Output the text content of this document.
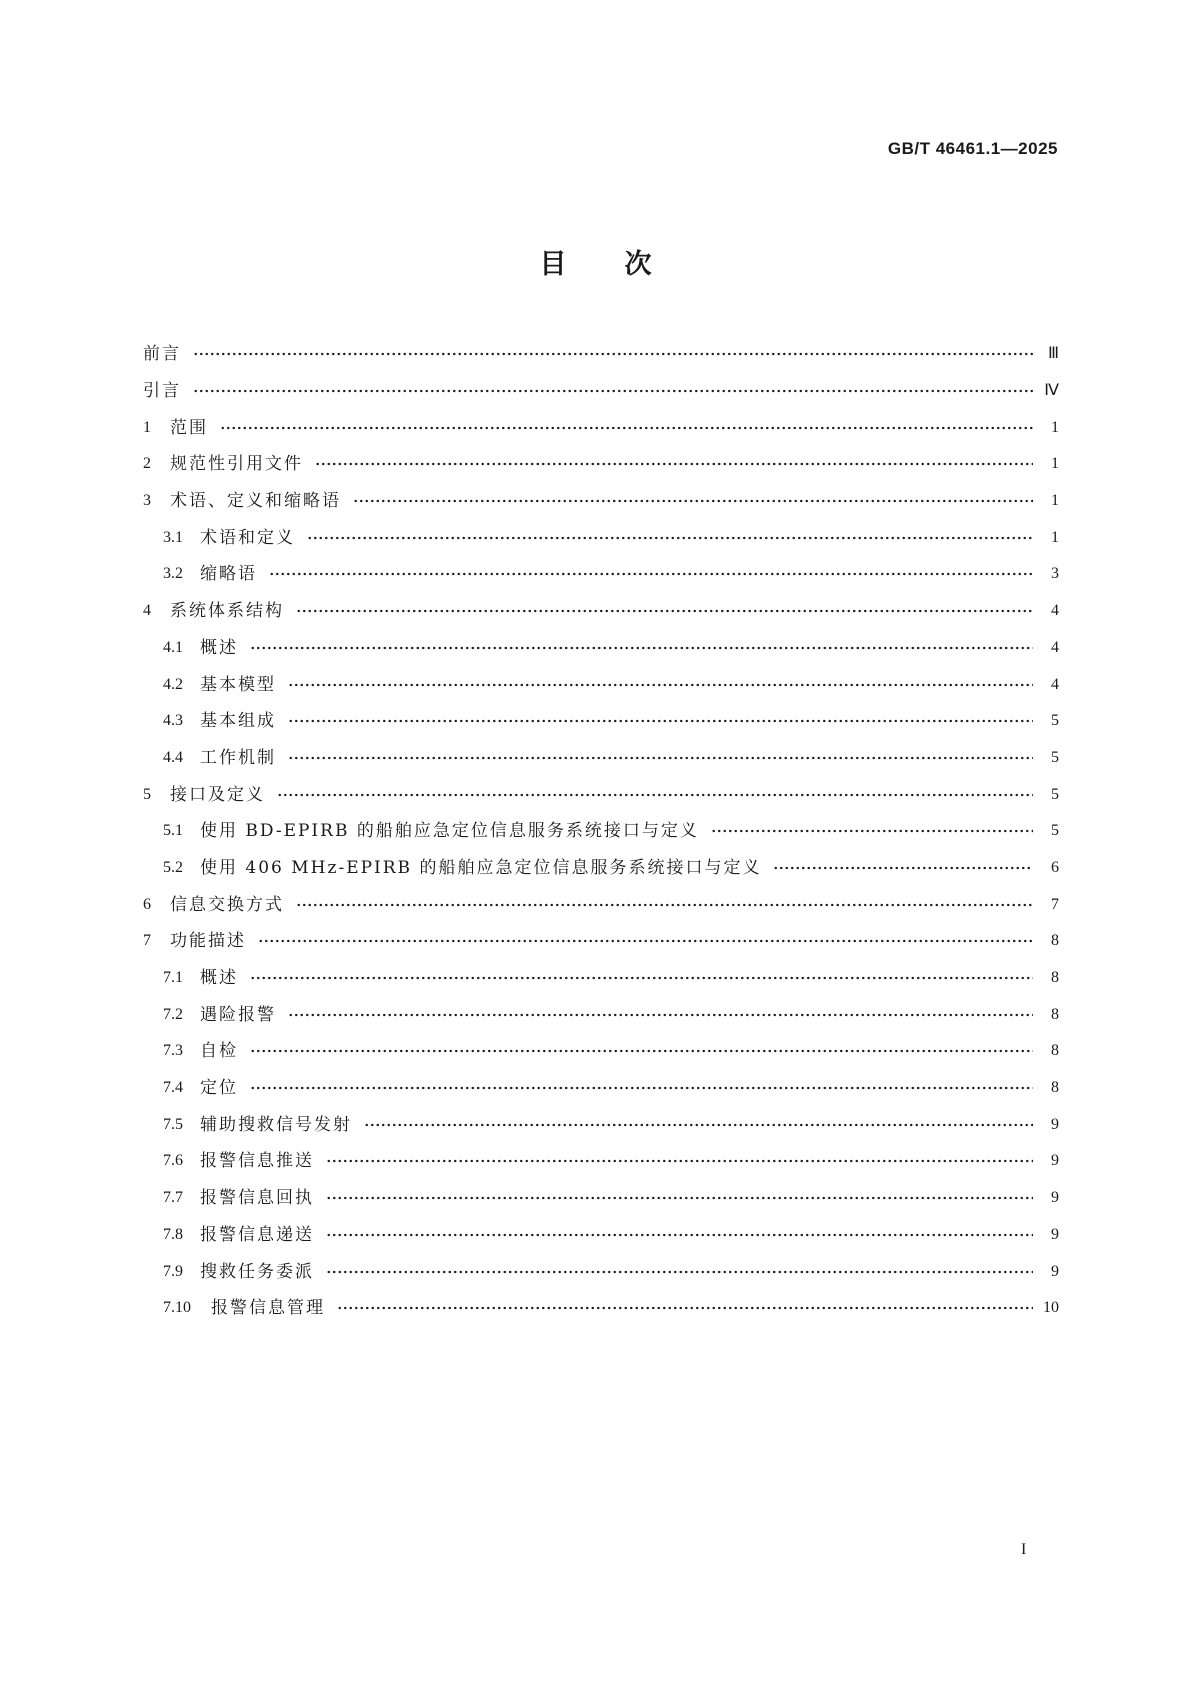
GB/T 46461.1—2025
目次
前言	Ⅲ
引言	Ⅳ
1	范围	1
2	规范性引用文件	1
3	术语、定义和缩略语	1
3.1	术语和定义	1
3.2	缩略语	3
4	系统体系结构	4
4.1	概述	4
4.2	基本模型	4
4.3	基本组成	5
4.4	工作机制	5
5	接口及定义	5
5.1	使用 BD-EPIRB 的船舶应急定位信息服务系统接口与定义	5
5.2	使用 406 MHz-EPIRB 的船舶应急定位信息服务系统接口与定义	6
6	信息交换方式	7
7	功能描述	8
7.1	概述	8
7.2	遇险报警	8
7.3	自检	8
7.4	定位	8
7.5	辅助搜救信号发射	9
7.6	报警信息推送	9
7.7	报警信息回执	9
7.8	报警信息递送	9
7.9	搜救任务委派	9
7.10	报警信息管理	10
I
